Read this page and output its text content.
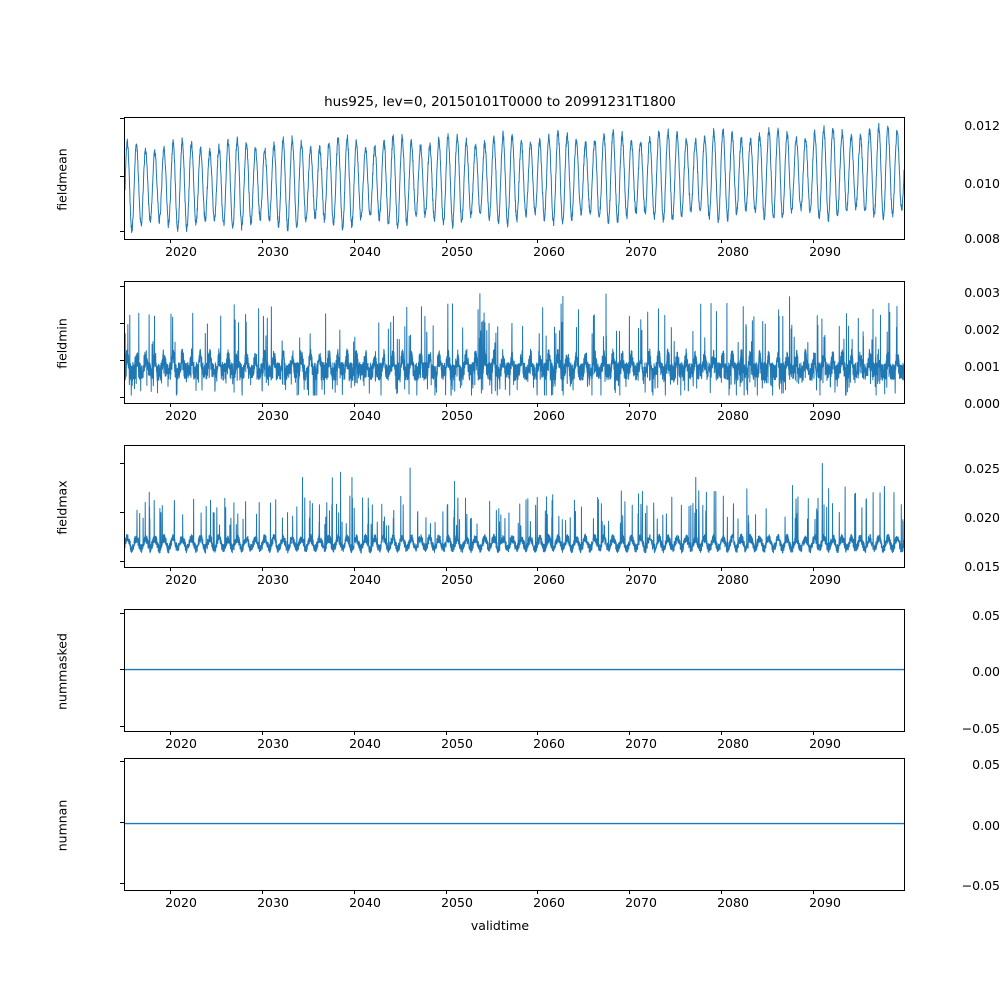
hus925, lev=0, 20150101T0000 to 20991231T1800
fieldmean
0.008
0.010
0.012
2020	2030	2040	2050	2060	2070	2080	2090
fieldmin
0.000
0.001
0.002
0.003
2020	2030	2040	2050	2060	2070	2080	2090
fieldmax
0.015
0.020
0.025
2020	2030	2040	2050	2060	2070	2080	2090
nummasked
−0.05
0.00
0.05
2020	2030	2040	2050	2060	2070	2080	2090
numnan
−0.05
0.00
0.05
2020	2030	2040	2050	2060	2070	2080	2090
validtime
